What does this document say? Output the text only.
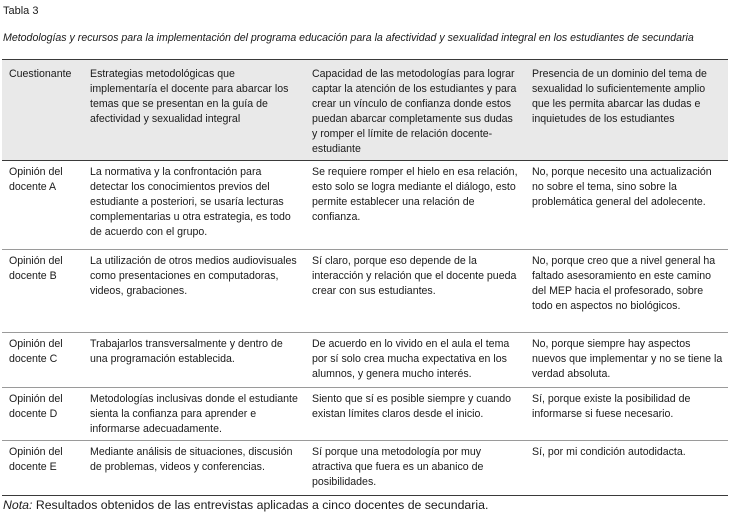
Tabla 3
Metodologías y recursos para la implementación del programa educación para la afectividad y sexualidad integral en los estudiantes de secundaria
Cuestionante	Estrategias metodológicas que implementaría el docente para abarcar los temas que se presentan en la guía de afectividad y sexualidad integral	Capacidad de las metodologías para lograr captar la atención de los estudiantes y para crear un vínculo de confianza donde estos puedan abarcar completamente sus dudas y romper el límite de relación docente-estudiante	Presencia de un dominio del tema de sexualidad lo suficientemente amplio que les permita abarcar las dudas e inquietudes de los estudiantes
Opinión del docente A	La normativa y la confrontación para detectar los conocimientos previos del estudiante a posteriori, se usaría lecturas complementarias u otra estrategia, es todo de acuerdo con el grupo.	Se requiere romper el hielo en esa relación, esto solo se logra mediante el diálogo, esto permite establecer una relación de confianza.	No, porque necesito una actualización no sobre el tema, sino sobre la problemática general del adolecente.
Opinión del docente B	La utilización de otros medios audiovisuales como presentaciones en computadoras, videos, grabaciones.	Sí claro, porque eso depende de la interacción y relación que el docente pueda crear con sus estudiantes.	No, porque creo que a nivel general ha faltado asesoramiento en este camino del MEP hacia el profesorado, sobre todo en aspectos no biológicos.
Opinión del docente C	Trabajarlos transversalmente y dentro de una programación establecida.	De acuerdo en lo vivido en el aula el tema por sí solo crea mucha expectativa en los alumnos, y genera mucho interés.	No, porque siempre hay aspectos nuevos que implementar y no se tiene la verdad absoluta.
Opinión del docente D	Metodologías inclusivas donde el estudiante sienta la confianza para aprender e informarse adecuadamente.	Siento que sí es posible siempre y cuando existan límites claros desde el inicio.	Sí, porque existe la posibilidad de informarse si fuese necesario.
Opinión del docente E	Mediante análisis de situaciones, discusión de problemas, videos y conferencias.	Sí porque una metodología por muy atractiva que fuera es un abanico de posibilidades.	Sí, por mi condición autodidacta.
Nota: Resultados obtenidos de las entrevistas aplicadas a cinco docentes de secundaria.
